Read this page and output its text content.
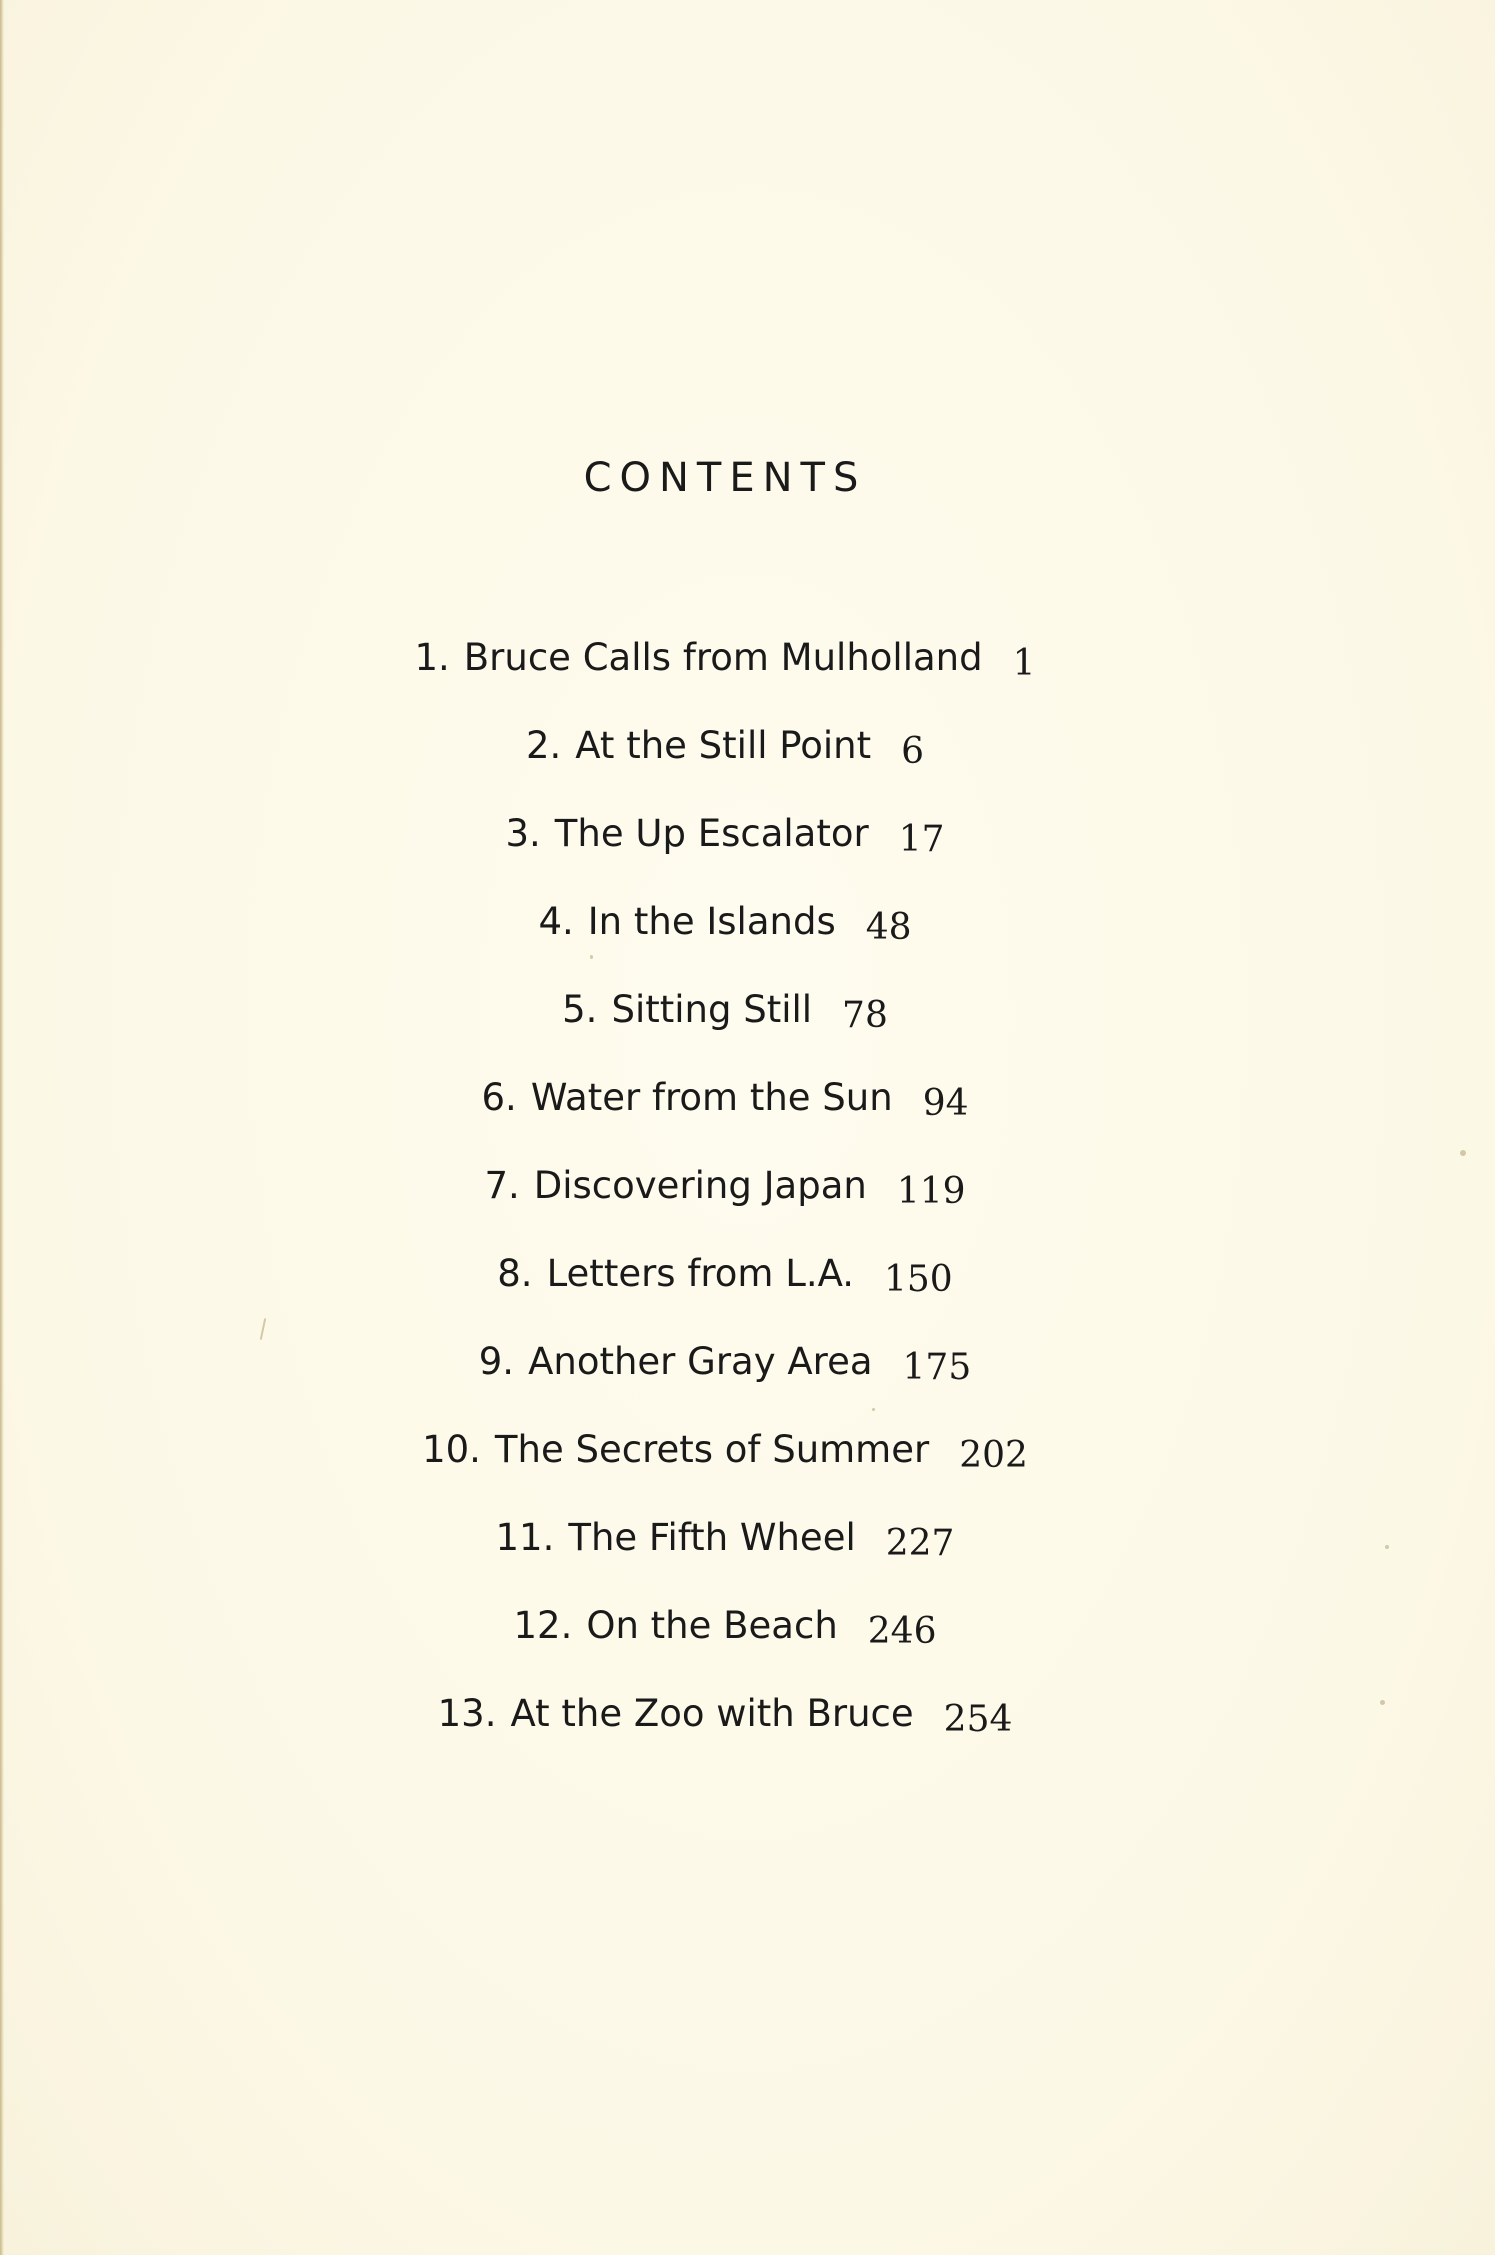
CONTENTS
1. Bruce Calls from Mulholland 1
2. At the Still Point 6
3. The Up Escalator 17
4. In the Islands 48
5. Sitting Still 78
6. Water from the Sun 94
7. Discovering Japan 119
8. Letters from L.A. 150
9. Another Gray Area 175
10. The Secrets of Summer 202
11. The Fifth Wheel 227
12. On the Beach 246
13. At the Zoo with Bruce 254
